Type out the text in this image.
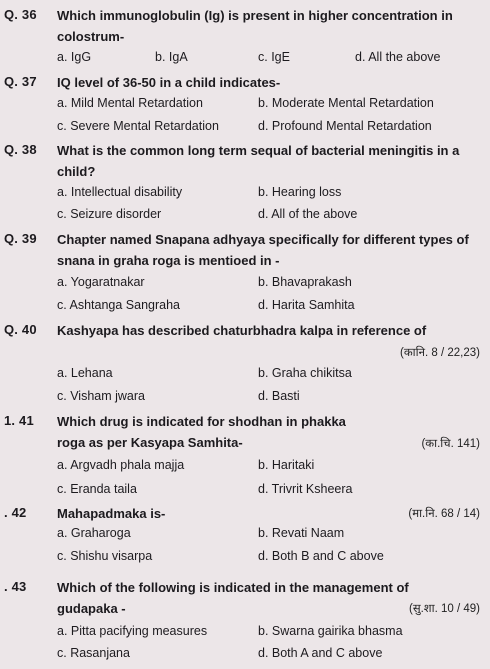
Q. 36 Which immunoglobulin (Ig) is present in higher concentration in colostrum-
a. IgG	b. IgA	c. IgE	d. All the above
Q. 37 IQ level of 36-50 in a child indicates-
a. Mild Mental Retardation	b. Moderate Mental Retardation
c. Severe Mental Retardation	d. Profound Mental Retardation
Q. 38 What is the common long term sequal of bacterial meningitis in a child?
a. Intellectual disability	b. Hearing loss
c. Seizure disorder	d. All of the above
Q. 39 Chapter named Snapana adhyaya specifically for different types of snana in graha roga is mentioed in -
a. Yogaratnakar	b. Bhavaprakash
c. Ashtanga Sangraha	d. Harita Samhita
Q. 40 Kashyapa has described chaturbhadra kalpa in reference of
(कानि. 8 / 22,23)
a. Lehana	b. Graha chikitsa
c. Visham jwara	d. Basti
1. 41 Which drug is indicated for shodhan in phakka roga as per Kasyapa Samhita-	(का.चि. 141)
a. Argvadh phala majja	b. Haritaki
c. Eranda taila	d. Trivrit Ksheera
. 42 Mahapadmaka is-	(मा.नि. 68 / 14)
a. Graharoga	b. Revati Naam
c. Shishu visarpa	d. Both B and C above
. 43 Which of the following is indicated in the management of gudapaka -	(सु.शा. 10 / 49)
a. Pitta pacifying measures	b. Swarna gairika bhasma
c. Rasanjana	d. Both A and C above
